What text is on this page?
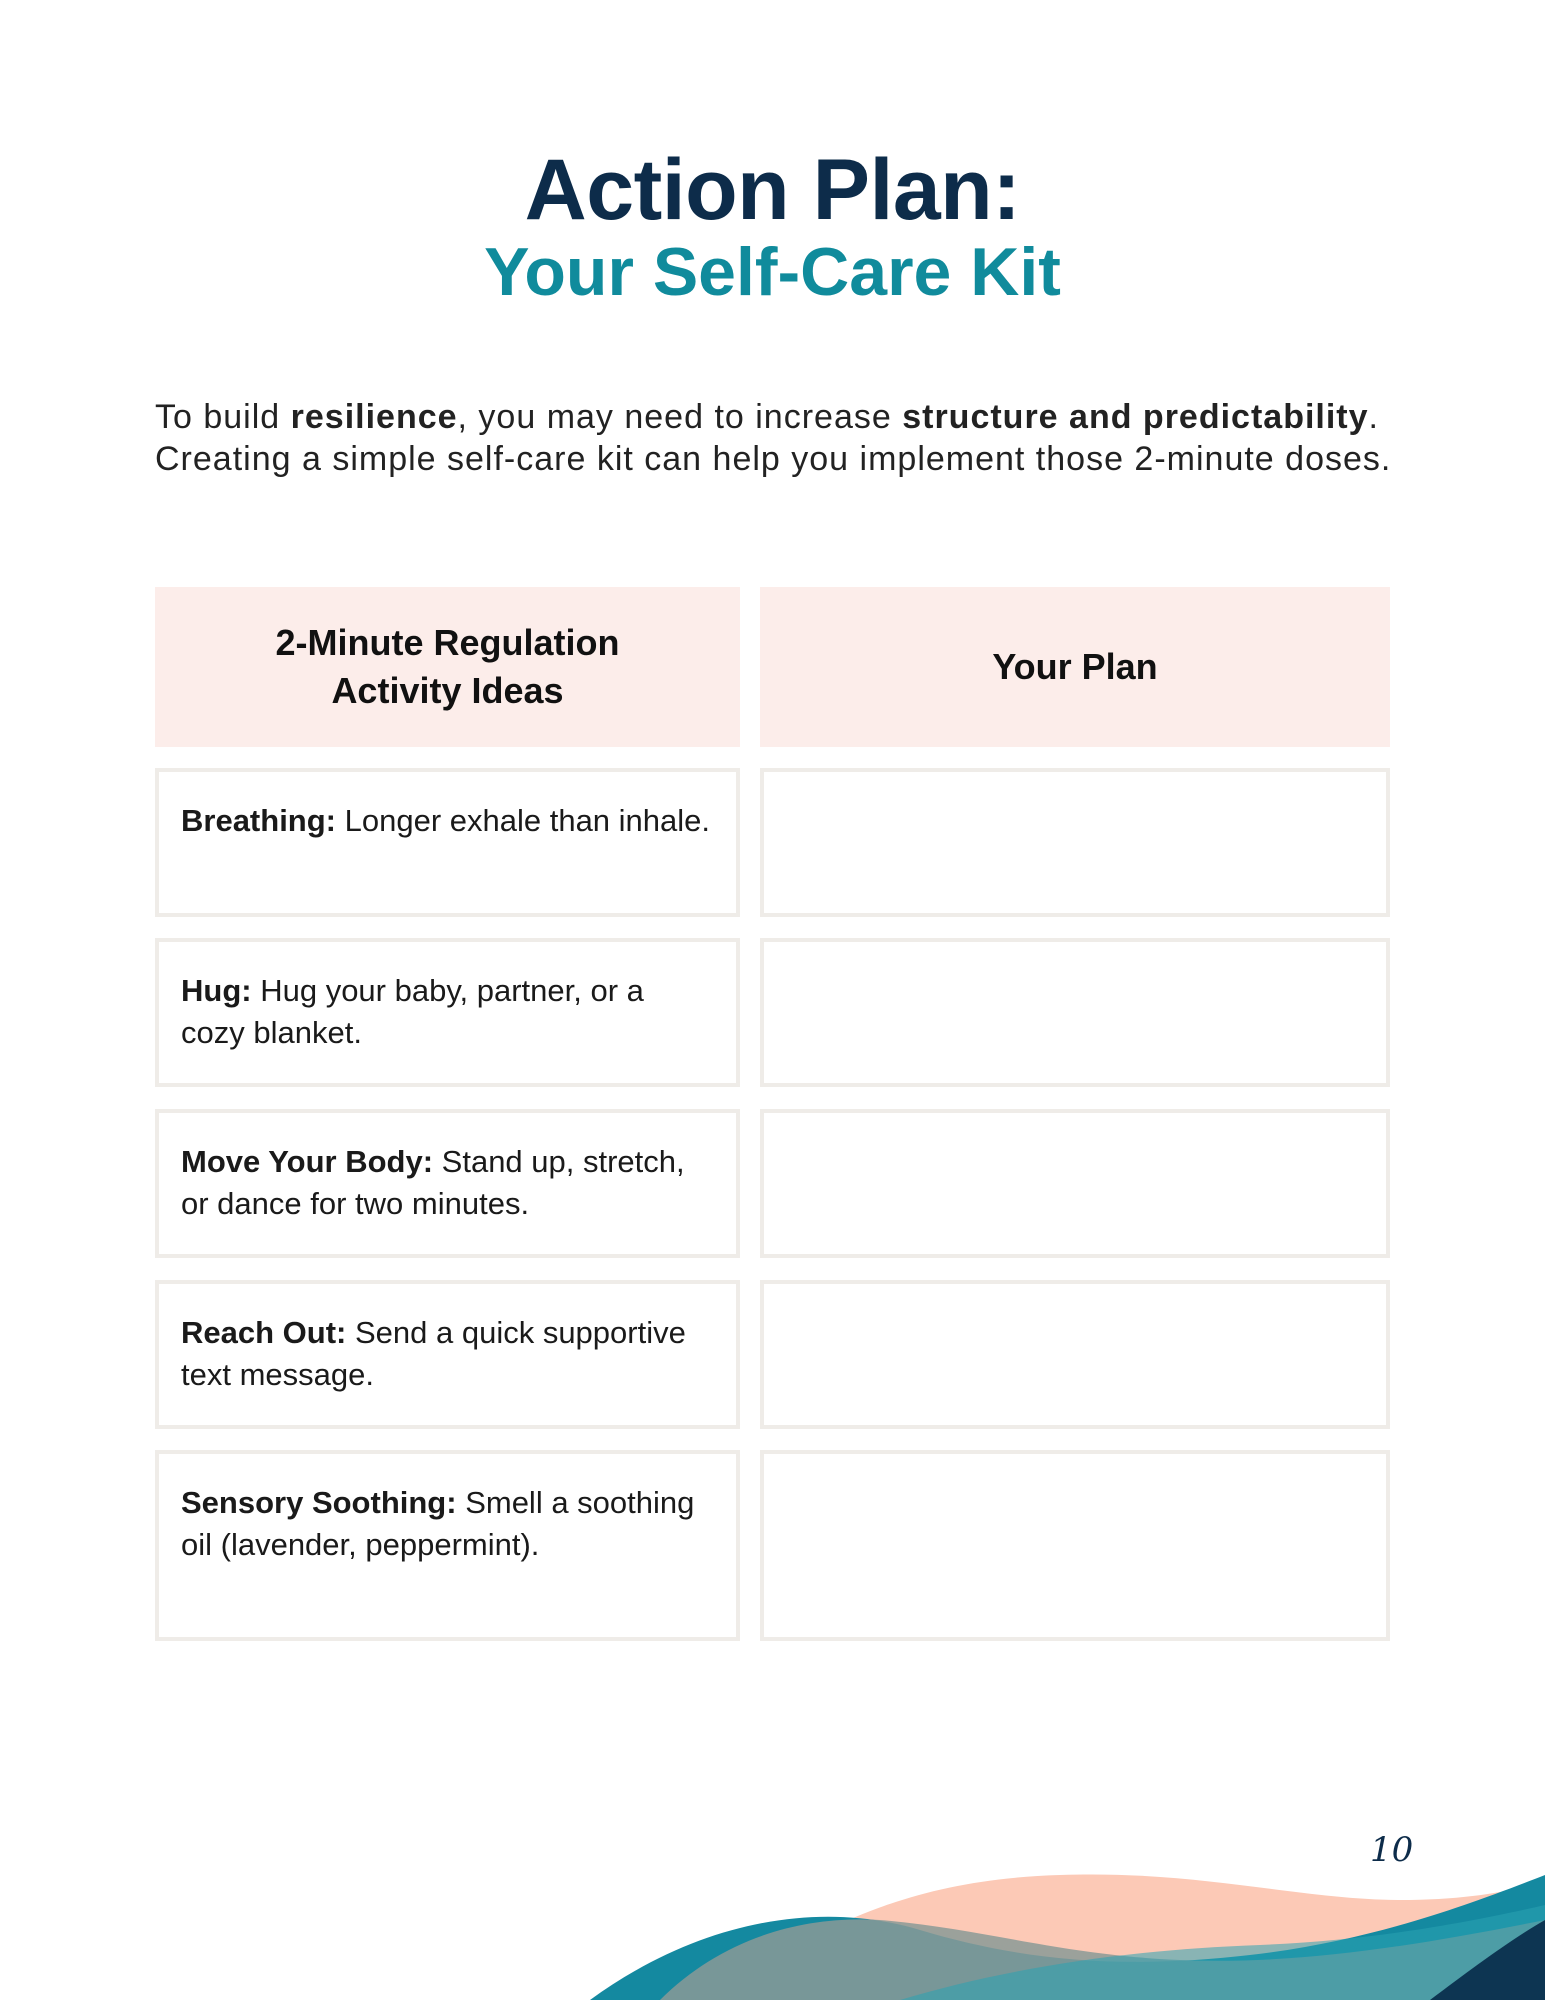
Action Plan:
Your Self-Care Kit

To build resilience, you may need to increase structure and predictability. Creating a simple self-care kit can help you implement those 2-minute doses.

2-Minute Regulation Activity Ideas
Your Plan
Breathing: Longer exhale than inhale.
Hug: Hug your baby, partner, or a cozy blanket.
Move Your Body: Stand up, stretch, or dance for two minutes.
Reach Out: Send a quick supportive text message.
Sensory Soothing: Smell a soothing oil (lavender, peppermint).
10
